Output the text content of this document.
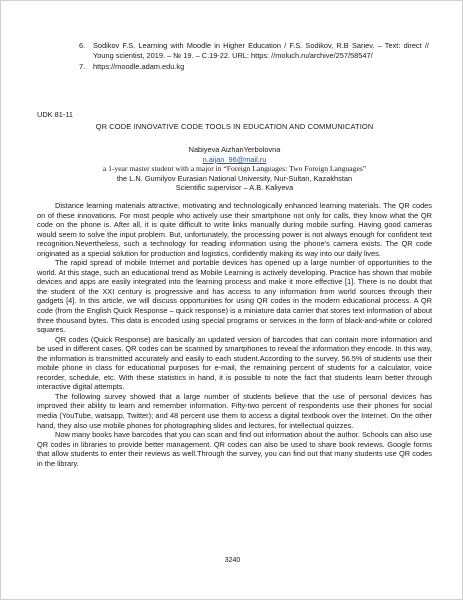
6.	Sodikov F.S. Learning with Moodle in Higher Education / F.S. Sodikov, R.B Sariev. – Text: direct // Young scientist, 2019. – № 19. – С.19-22. URL: https: //moluch.ru/archive/257/58547/
7.	https://moodle.adam.edu.kg
UDK 81-11
QR CODE INNOVATIVE CODE TOOLS IN EDUCATION AND COMMUNICATION
Nabiyeva AizhanYerbolovna
n.aijan_96@mail.ru
a 1-year master student with a major in “Foreign Languages: Two Foreign Languages”
the L.N. Gumilyov Eurasian National University, Nur-Sultan, Kazakhstan
Scientific supervisor – A.B. Kaliyeva

Distance learning materials attractive, motivating and technologically enhanced learning materials. The QR codes on of these innovations. For most people who actively use their smartphone not only for calls, they know what the QR code on the phone is. After all, it is quite difficult to write links manually during mobile surfing. Having good cameras would seem to solve the input problem. But, unfortunately, the processing power is not always enough for confident text recognition.Nevertheless, such a technology for reading information using the phone’s camera exists. The QR code originated as a special solution for production and logistics, confidently making its way into our daily lives.

The rapid spread of mobile Internet and portable devices has opened up a large number of opportunities to the world. At this stage, such an educational trend as Mobile Learning is actively developing. Practice has shown that mobile devices and apps are easily integrated into the learning process and make it more effective [1]. There is no doubt that the student of the XXI century is progressive and has access to any information from world sources through their gadgets [4]. In this article, we will discuss opportunities for using QR codes in the modern educational process. A QR code (from the English Quick Response – quick response) is a miniature data carrier that stores text information of about three thousand bytes. This data is encoded using special programs or services in the form of black-and-white or colored squares.

QR codes (Quick Response) are basically an updated version of barcodes that can contain more information and be used in different cases. QR codes can be scanned by smartphones to reveal the information they encode. In this way, the information is transmitted accurately and easily to each student.According to the survey, 56.5% of students use their mobile phone in class for educational purposes for e-mail, the remaining percent of students for a calculator, voice recorder, schedule, etc. With these statistics in hand, it is possible to note the fact that students learn better through interactive digital attempts.

The following survey showed that a large number of students believe that the use of personal devices has improved their ability to learn and remember information. Fifty-two percent of respondents use their phones for social media (YouTube, watsapp, Twitter); and 48 percent use them to access a digital textbook over the Internet. On the other hand, they also use mobile phones for photographing slides and lectures, for intellectual quizzes.

Now many books have barcodes that you can scan and find out information about the author. Schools can also use QR codes in libraries to provide better management. QR codes can also be used to share book reviews. Google forms that allow students to enter their reviews as well.Through the survey, you can find out that many students use QR codes in the library.

3240
